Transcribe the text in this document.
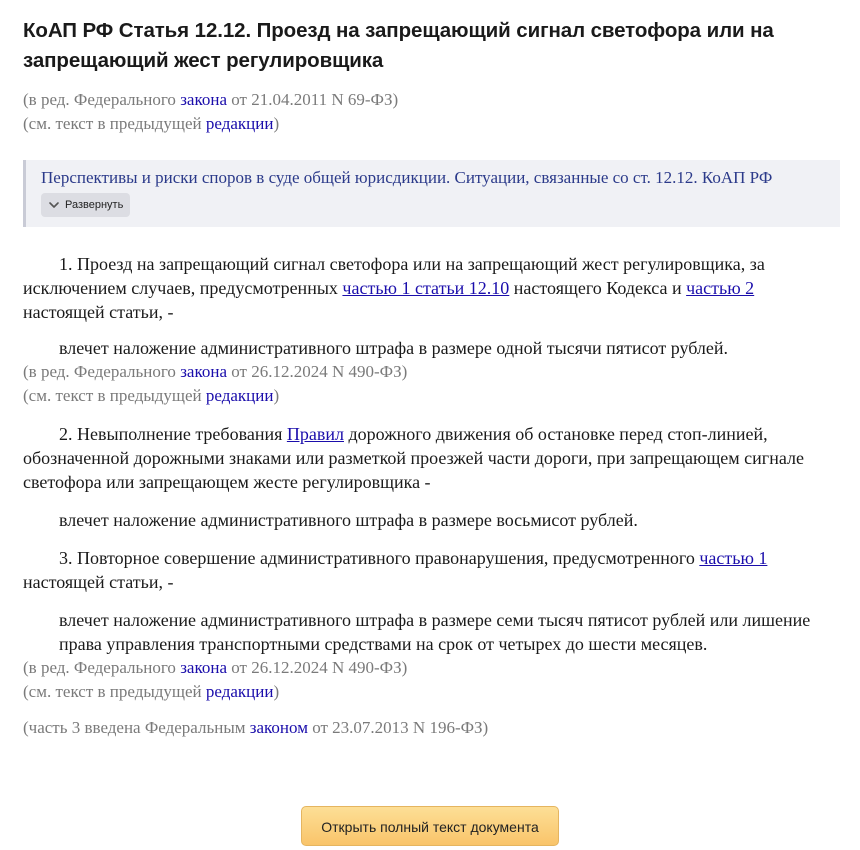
КоАП РФ Статья 12.12. Проезд на запрещающий сигнал светофора или на запрещающий жест регулировщика
(в ред. Федерального закона от 21.04.2011 N 69-ФЗ)
(см. текст в предыдущей редакции)
Перспективы и риски споров в суде общей юрисдикции. Ситуации, связанные со ст. 12.12. КоАП РФ
Развернуть
1. Проезд на запрещающий сигнал светофора или на запрещающий жест регулировщика, за исключением случаев, предусмотренных частью 1 статьи 12.10 настоящего Кодекса и частью 2 настоящей статьи, -
влечет наложение административного штрафа в размере одной тысячи пятисот рублей.
(в ред. Федерального закона от 26.12.2024 N 490-ФЗ)
(см. текст в предыдущей редакции)
2. Невыполнение требования Правил дорожного движения об остановке перед стоп-линией, обозначенной дорожными знаками или разметкой проезжей части дороги, при запрещающем сигнале светофора или запрещающем жесте регулировщика -
влечет наложение административного штрафа в размере восьмисот рублей.
3. Повторное совершение административного правонарушения, предусмотренного частью 1 настоящей статьи, -
влечет наложение административного штрафа в размере семи тысяч пятисот рублей или лишение права управления транспортными средствами на срок от четырех до шести месяцев.
(в ред. Федерального закона от 26.12.2024 N 490-ФЗ)
(см. текст в предыдущей редакции)
(часть 3 введена Федеральным законом от 23.07.2013 N 196-ФЗ)
Открыть полный текст документа
